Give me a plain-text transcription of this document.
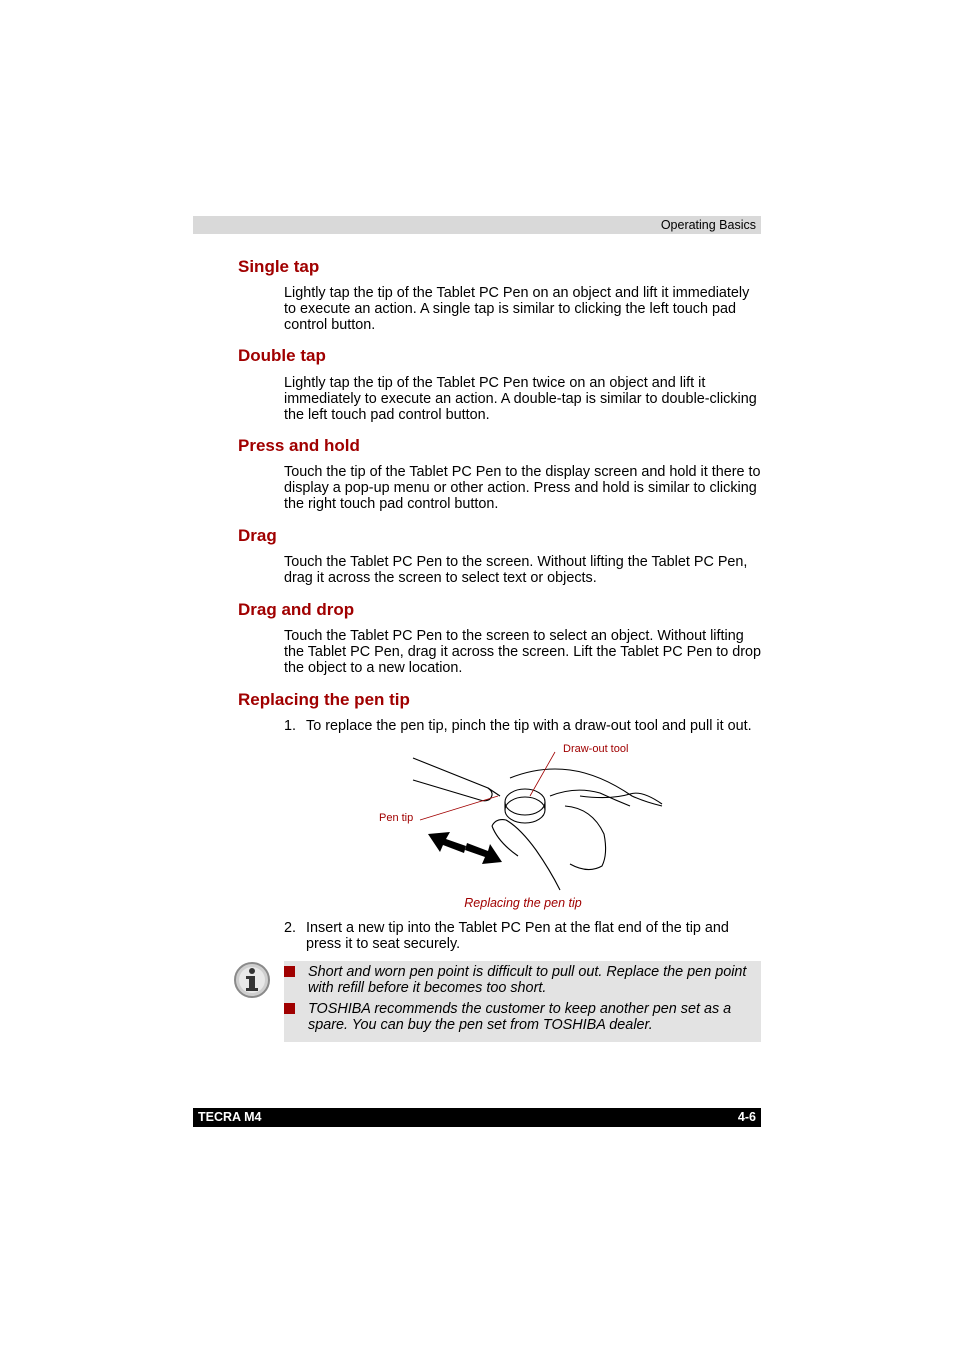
Operating Basics
Single tap
Lightly tap the tip of the Tablet PC Pen on an object and lift it immediately to execute an action. A single tap is similar to clicking the left touch pad control button.
Double tap
Lightly tap the tip of the Tablet PC Pen twice on an object and lift it immediately to execute an action. A double-tap is similar to double-clicking the left touch pad control button.
Press and hold
Touch the tip of the Tablet PC Pen to the display screen and hold it there to display a pop-up menu or other action. Press and hold is similar to clicking the right touch pad control button.
Drag
Touch the Tablet PC Pen to the screen. Without lifting the Tablet PC Pen, drag it across the screen to select text or objects.
Drag and drop
Touch the Tablet PC Pen to the screen to select an object. Without lifting the Tablet PC Pen, drag it across the screen. Lift the Tablet PC Pen to drop the object to a new location.
Replacing the pen tip
1. To replace the pen tip, pinch the tip with a draw-out tool and pull it out.
Draw-out tool
Pen tip
Replacing the pen tip
2. Insert a new tip into the Tablet PC Pen at the flat end of the tip and press it to seat securely.
Short and worn pen point is difficult to pull out. Replace the pen point with refill before it becomes too short.
TOSHIBA recommends the customer to keep another pen set as a spare. You can buy the pen set from TOSHIBA dealer.
TECRA M4	4-6
